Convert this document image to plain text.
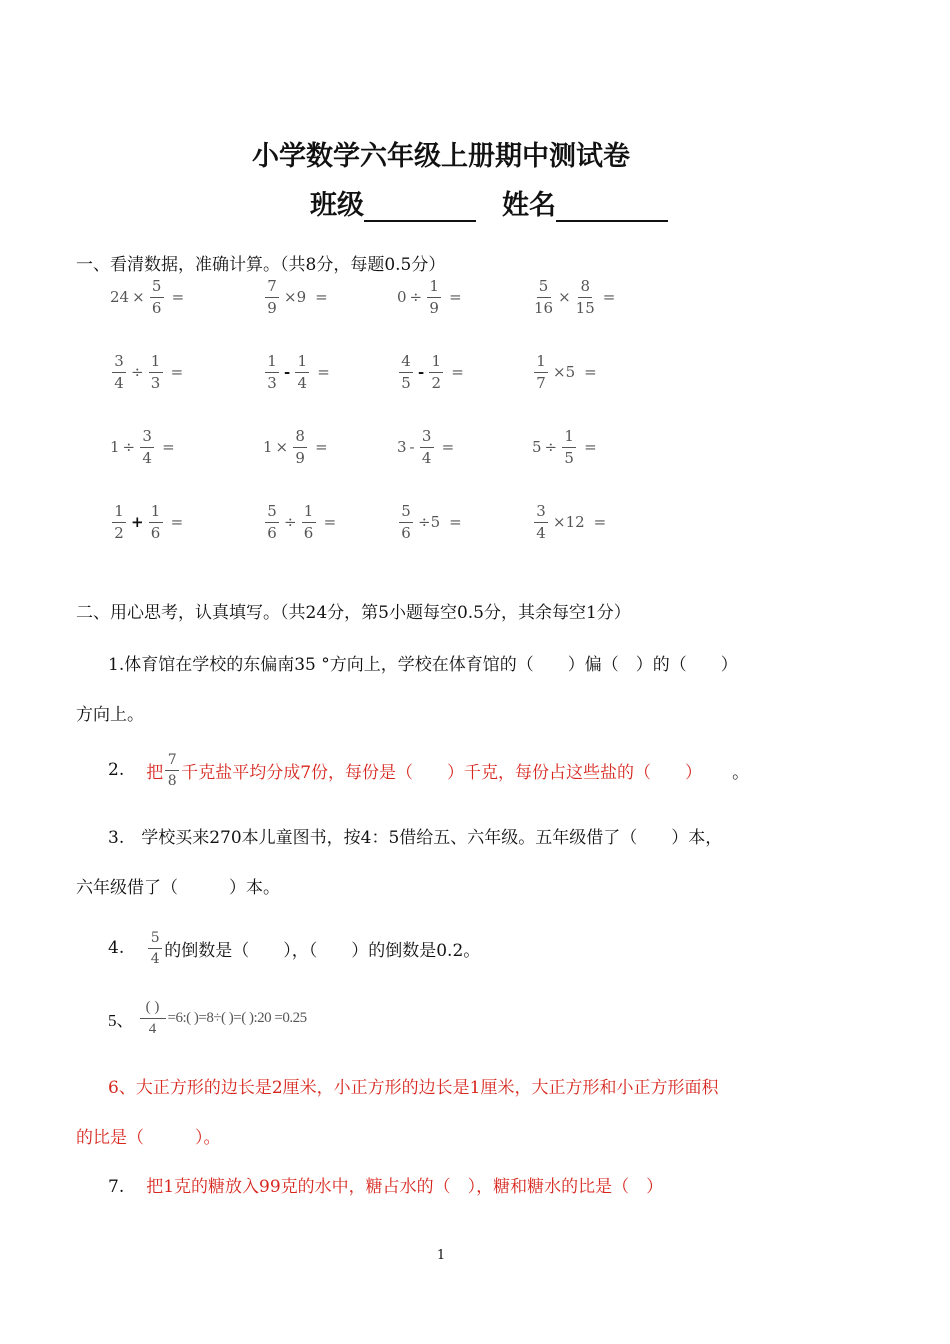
小学数学六年级上册期中测试卷
班级	姓名
一、看清数据，准确计算。（共8分，每题0.5分）
$24 \times \frac{5}{6}$ =	$\frac{7}{9} \times 9$ =	$0 \div \frac{1}{9}$ =	$\frac{5}{16} \times \frac{8}{15}$ =
$\frac{3}{4} \div \frac{1}{3}$ =	$\frac{1}{3} - \frac{1}{4}$ =	$\frac{4}{5} - \frac{1}{2}$ =	$\frac{1}{7} \times 5$ =
$1 \div \frac{3}{4}$ =	$1 \times \frac{8}{9}$ =	$3 - \frac{3}{4}$ =	$5 \div \frac{1}{5}$ =
$\frac{1}{2} + \frac{1}{6}$ =	$\frac{5}{6} \div \frac{1}{6}$ =	$\frac{5}{6} \div 5$ =	$\frac{3}{4} \times 12$ =
二、用心思考，认真填写。（共24分，第5小题每空0.5分，其余每空1分）
1.体育馆在学校的东偏南35 °方向上，学校在体育馆的（　　）偏（　）的（　　）
方向上。
2. 把 $\frac{7}{8}$ 千克盐平均分成7份，每份是（　　）千克，每份占这些盐的（　　） 。
3.　学校买来270本儿童图书，按4：5借给五、六年级。五年级借了（　　）本，
六年级借了（　　　）本。
4. $\frac{5}{4}$ 的倒数是（　　），（　　）的倒数是0.2。
5、 $\frac{( )}{4}$ =6:( )=8÷( )=( ):20 =0.25
6、大正方形的边长是2厘米，小正方形的边长是1厘米，大正方形和小正方形面积
的比是（　　　）。
7. 把1克的糖放入99克的水中，糖占水的（　），糖和糖水的比是（　）
1
